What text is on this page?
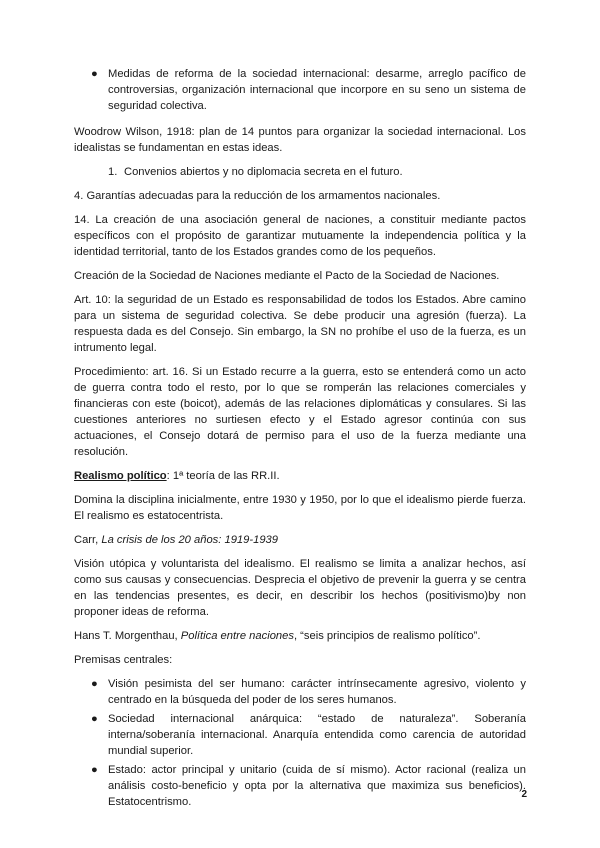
● Medidas de reforma de la sociedad internacional: desarme, arreglo pacífico de controversias, organización internacional que incorpore en su seno un sistema de seguridad colectiva.

Woodrow Wilson, 1918: plan de 14 puntos para organizar la sociedad internacional. Los idealistas se fundamentan en estas ideas.

1. Convenios abiertos y no diplomacia secreta en el futuro.

4. Garantías adecuadas para la reducción de los armamentos nacionales.

14. La creación de una asociación general de naciones, a constituir mediante pactos específicos con el propósito de garantizar mutuamente la independencia política y la identidad territorial, tanto de los Estados grandes como de los pequeños.

Creación de la Sociedad de Naciones mediante el Pacto de la Sociedad de Naciones.

Art. 10: la seguridad de un Estado es responsabilidad de todos los Estados. Abre camino para un sistema de seguridad colectiva. Se debe producir una agresión (fuerza). La respuesta dada es del Consejo. Sin embargo, la SN no prohíbe el uso de la fuerza, es un intrumento legal.

Procedimiento: art. 16. Si un Estado recurre a la guerra, esto se entenderá como un acto de guerra contra todo el resto, por lo que se romperán las relaciones comerciales y financieras con este (boicot), además de las relaciones diplomáticas y consulares. Si las cuestiones anteriores no surtiesen efecto y el Estado agresor continúa con sus actuaciones, el Consejo dotará de permiso para el uso de la fuerza mediante una resolución.

Realismo político: 1ª teoría de las RR.II.

Domina la disciplina inicialmente, entre 1930 y 1950, por lo que el idealismo pierde fuerza. El realismo es estatocentrista.

Carr, La crisis de los 20 años: 1919-1939

Visión utópica y voluntarista del idealismo. El realismo se limita a analizar hechos, así como sus causas y consecuencias. Desprecia el objetivo de prevenir la guerra y se centra en las tendencias presentes, es decir, en describir los hechos (positivismo)by non proponer ideas de reforma.

Hans T. Morgenthau, Política entre naciones, “seis principios de realismo político”.

Premisas centrales:

● Visión pesimista del ser humano: carácter intrínsecamente agresivo, violento y centrado en la búsqueda del poder de los seres humanos.
● Sociedad internacional anárquica: “estado de naturaleza”. Soberanía interna/soberanía internacional. Anarquía entendida como carencia de autoridad mundial superior.
● Estado: actor principal y unitario (cuida de sí mismo). Actor racional (realiza un análisis costo-beneficio y opta por la alternativa que maximiza sus beneficios). Estatocentrismo.
2
